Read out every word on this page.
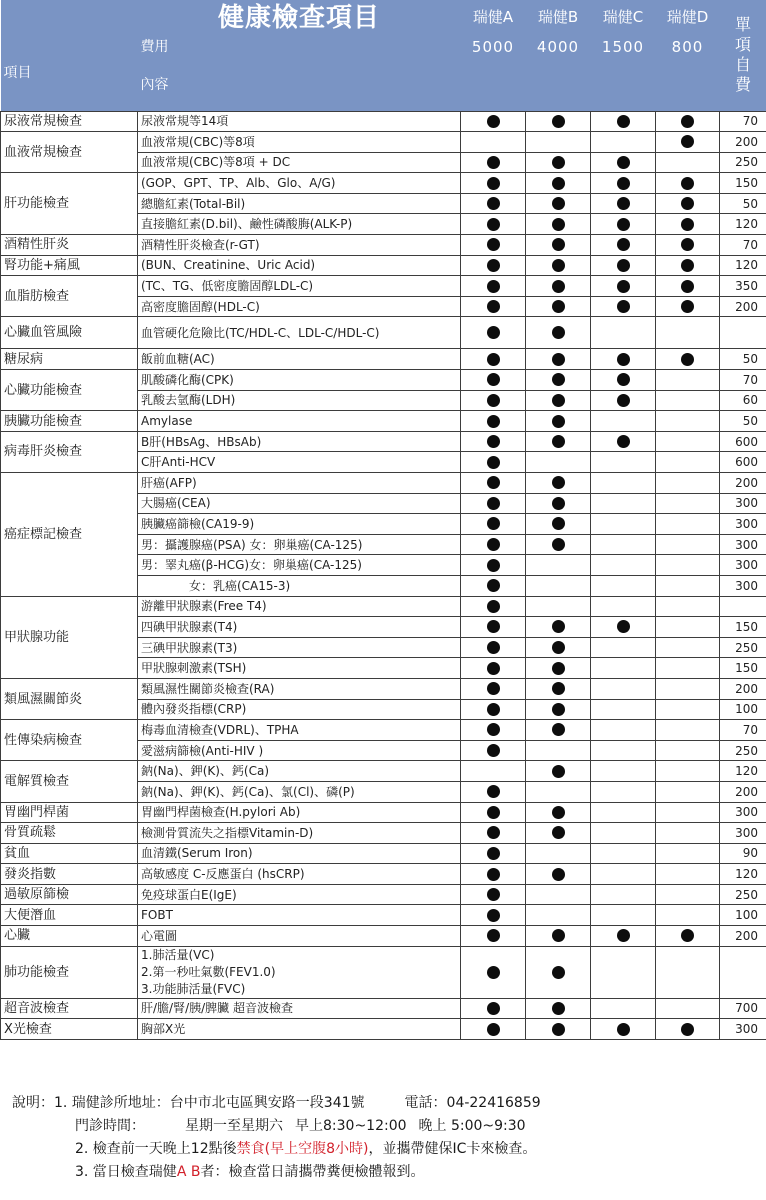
	健康檢查項目	瑞健A	瑞健B	瑞健C	瑞健D	單
項
自
費

項目	費用	5000	4000	1500	800	
	內容					
尿液常規檢查	尿液常規等14項					70
血液常規檢查	血液常規(CBC)等8項					200
	血液常規(CBC)等8項 + DC					250
肝功能檢查	(GOP、GPT、TP、Alb、Glo、A/G)					150
	總膽紅素(Total-Bil)					50
	直接膽紅素(D.bil)、鹼性磷酸脢(ALK-P)					120
酒精性肝炎	酒精性肝炎檢查(r-GT)					70
腎功能+痛風	(BUN、Creatinine、Uric Acid)					120
血脂肪檢查	(TC、TG、低密度膽固醇LDL-C)					350
	高密度膽固醇(HDL-C)					200
心臟血管風險	血管硬化危險比(TC/HDL-C、LDL-C/HDL-C)					
糖尿病	飯前血糖(AC)					50
心臟功能檢查	肌酸磷化酶(CPK)					70
	乳酸去氫酶(LDH)					60
胰臟功能檢查	Amylase					50
病毒肝炎檢查	B肝(HBsAg、HBsAb)					600
	C肝Anti-HCV					600
癌症標記檢查	肝癌(AFP)					200
	大腸癌(CEA)					300
	胰臟癌篩檢(CA19-9)					300
	男：攝護腺癌(PSA) 女：卵巢癌(CA-125)					300
	男：睪丸癌(β-HCG)女：卵巢癌(CA-125)					300
	　　　　女：乳癌(CA15-3)					300
甲狀腺功能	游離甲狀腺素(Free T4)					
	四碘甲狀腺素(T4)					150
	三碘甲狀腺素(T3)					250
	甲狀腺刺激素(TSH)					150
類風濕關節炎	類風濕性關節炎檢查(RA)					200
	體內發炎指標(CRP)					100
性傳染病檢查	梅毒血清檢查(VDRL)、TPHA					70
	愛滋病篩檢(Anti-HIV )					250
電解質檢查	鈉(Na)、鉀(K)、鈣(Ca)					120
	鈉(Na)、鉀(K)、鈣(Ca)、氯(Cl)、磷(P)					200
胃幽門桿菌	胃幽門桿菌檢查(H.pylori Ab)					300
骨質疏鬆	檢測骨質流失之指標Vitamin-D)					300
貧血	血清鐵(Serum Iron)					90
發炎指數	高敏感度 C-反應蛋白 (hsCRP)					120
過敏原篩檢	免疫球蛋白E(IgE)					250
大便潛血	FOBT					100
心臟	心電圖					200
肺功能檢查	1.肺活量(VC)
2.第一秒吐氣數(FEV1.0)
3.功能肺活量(FVC)					

超音波檢查	肝/膽/腎/胰/脾臟 超音波檢查					700
X光檢查	胸部X光					300
說明：1. 瑞健診所地址：台中市北屯區興安路一段341號	電話：04-22416859
門診時間：	星期一至星期六 早上8:30~12:00 晚上 5:00~9:30
2. 檢查前一天晚上12點後禁食(早上空腹8小時)，並攜帶健保IC卡來檢查。
3. 當日檢查瑞健A B者：檢查當日請攜帶糞便檢體報到。
